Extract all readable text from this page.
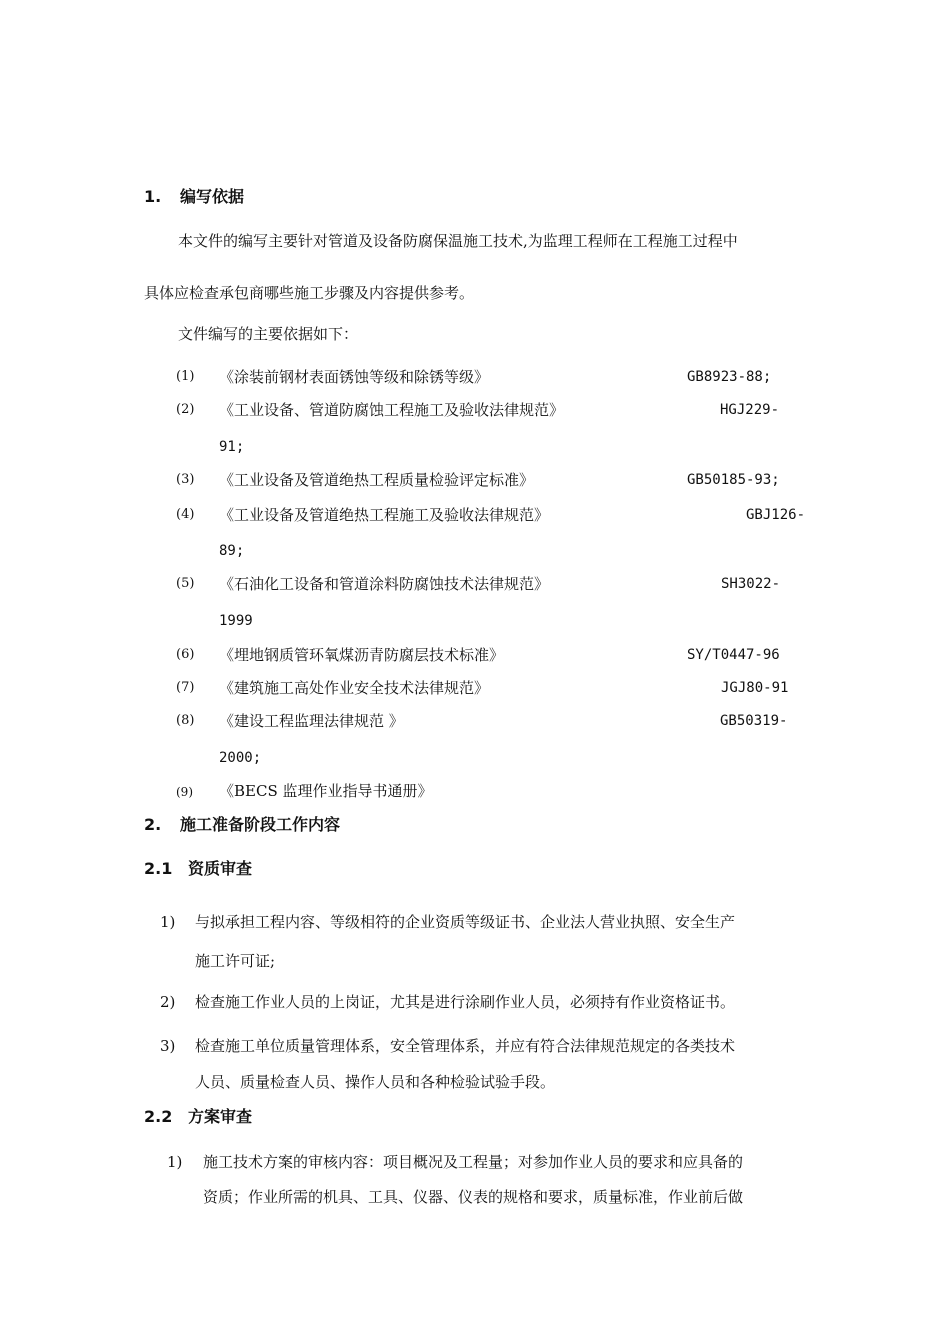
1. 编写依据
本文件的编写主要针对管道及设备防腐保温施工技术,为监理工程师在工程施工过程中
具体应检查承包商哪些施工步骤及内容提供参考。
文件编写的主要依据如下：
(1) 《涂装前钢材表面锈蚀等级和除锈等级》	GB8923-88;
(2) 《工业设备、管道防腐蚀工程施工及验收法律规范》	HGJ229-
91;
(3) 《工业设备及管道绝热工程质量检验评定标准》	GB50185-93;
(4) 《工业设备及管道绝热工程施工及验收法律规范》	GBJ126-
89;
(5) 《石油化工设备和管道涂料防腐蚀技术法律规范》	SH3022-
1999
(6) 《埋地钢质管环氧煤沥青防腐层技术标准》	SY/T0447-96
(7) 《建筑施工高处作业安全技术法律规范》	JGJ80-91
(8) 《建设工程监理法律规范 》	GB50319-
2000;
(9) 《BECS 监理作业指导书通册》
2. 施工准备阶段工作内容
2.1 资质审查
1) 与拟承担工程内容、等级相符的企业资质等级证书、企业法人营业执照、安全生产
施工许可证;
2) 检查施工作业人员的上岗证，尤其是进行涂刷作业人员，必须持有作业资格证书。
3) 检查施工单位质量管理体系，安全管理体系，并应有符合法律规范规定的各类技术
人员、质量检查人员、操作人员和各种检验试验手段。
2.2 方案审查
1) 施工技术方案的审核内容：项目概况及工程量；对参加作业人员的要求和应具备的
资质；作业所需的机具、工具、仪器、仪表的规格和要求，质量标准，作业前后做
